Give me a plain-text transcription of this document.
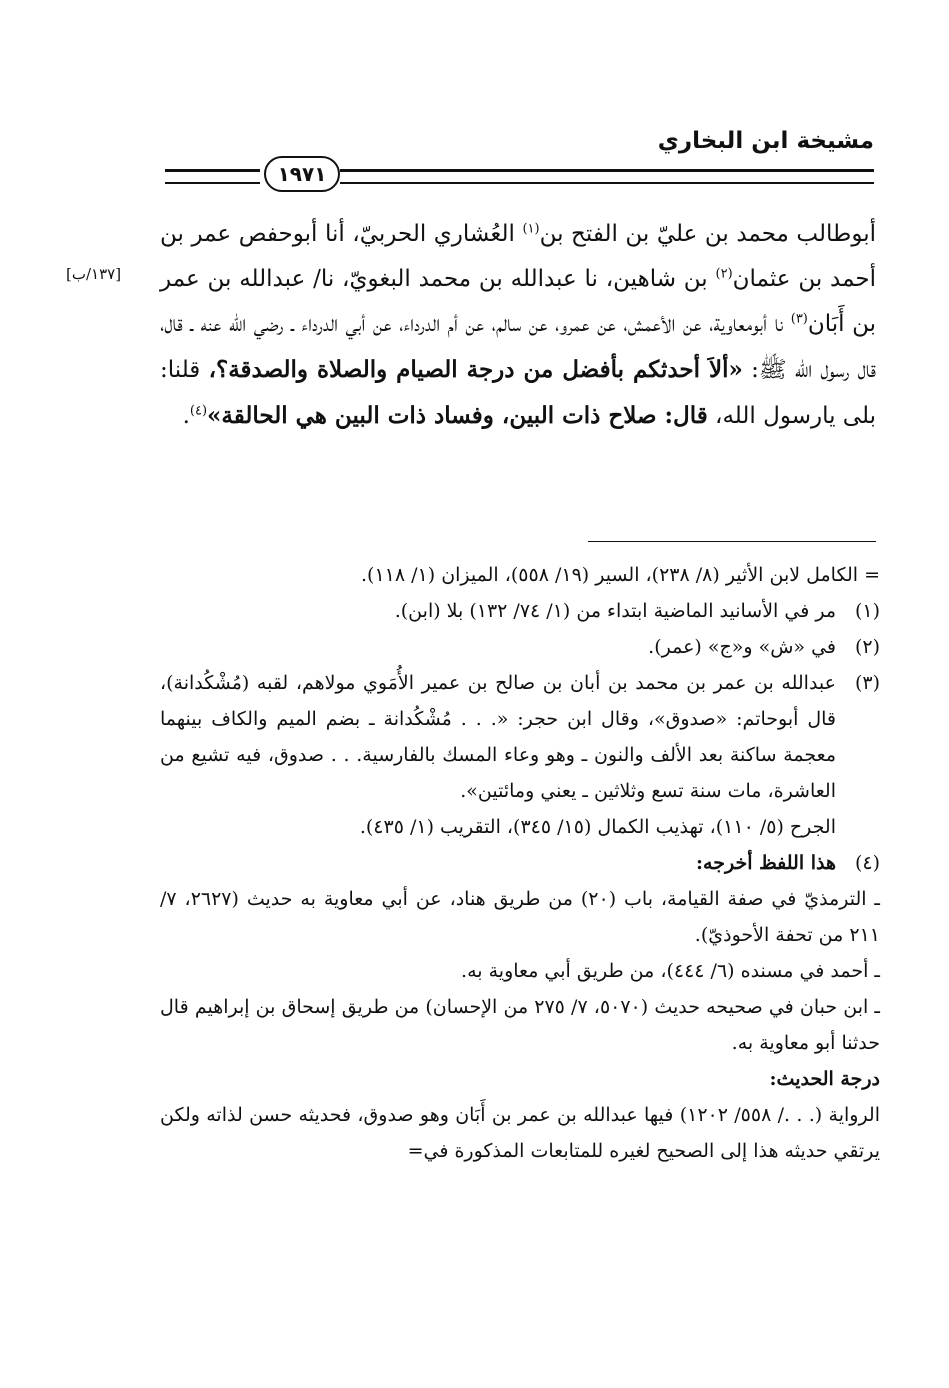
مشيخة ابن البخاري
١٩٧١
[١٣٧/ب]
أبوطالب محمد بن عليّ بن الفتح بن$^{(١)}$ العُشاري الحربيّ، أنا أبوحفص عمر بن أحمد بن عثمان$^{(٢)}$ بن شاهين، نا عبدالله بن محمد البغويّ، نا/ عبدالله بن عمر بن أَبَان$^{(٣)}$ نا أبومعاوية، عن الأعمش، عن عمرو، عن سالم، عن أم الدرداء، عن أبي الدرداء ـ رضي الله عنه ـ قال، قال رسول الله ﷺ: «ألاَ أحدثكم بأفضل من درجة الصيام والصلاة والصدقة؟، قلنا: بلى يارسول الله، قال: صلاح ذات البين، وفساد ذات البين هي الحالقة»$^{(٤)}$.
= الكامل لابن الأثير (٨/ ٢٣٨)، السير (١٩/ ٥٥٨)، الميزان (١/ ١١٨).
(١)
مر في الأسانيد الماضية ابتداء من (١/ ٧٤/ ١٣٢) بلا (ابن).
(٢)
في «ش» و«ج» (عمر).
(٣)
عبدالله بن عمر بن محمد بن أبان بن صالح بن عمير الأُمَوي مولاهم، لقبه (مُشْكُدانة)، قال أبوحاتم: «صدوق»، وقال ابن حجر: «. . . مُشْكُدانة ـ بضم الميم والكاف بينهما معجمة ساكنة بعد الألف والنون ـ وهو وعاء المسك بالفارسية. . . صدوق، فيه تشيع من العاشرة، مات سنة تسع وثلاثين ـ يعني ومائتين».
الجرح (٥/ ١١٠)، تهذيب الكمال (١٥/ ٣٤٥)، التقريب (١/ ٤٣٥).
(٤)
هذا اللفظ أخرجه:
ـ الترمذيّ في صفة القيامة، باب (٢٠) من طريق هناد، عن أبي معاوية به حديث (٢٦٢٧، ٧/ ٢١١ من تحفة الأحوذيّ).
ـ أحمد في مسنده (٦/ ٤٤٤)، من طريق أبي معاوية به.
ـ ابن حبان في صحيحه حديث (٥٠٧٠، ٧/ ٢٧٥ من الإحسان) من طريق إسحاق بن إبراهيم قال حدثنا أبو معاوية به.
درجة الحديث:
الرواية (. . ./ ٥٥٨/ ١٢٠٢) فيها عبدالله بن عمر بن أَبَان وهو صدوق، فحديثه حسن لذاته ولكن يرتقي حديثه هذا إلى الصحيح لغيره للمتابعات المذكورة في=
